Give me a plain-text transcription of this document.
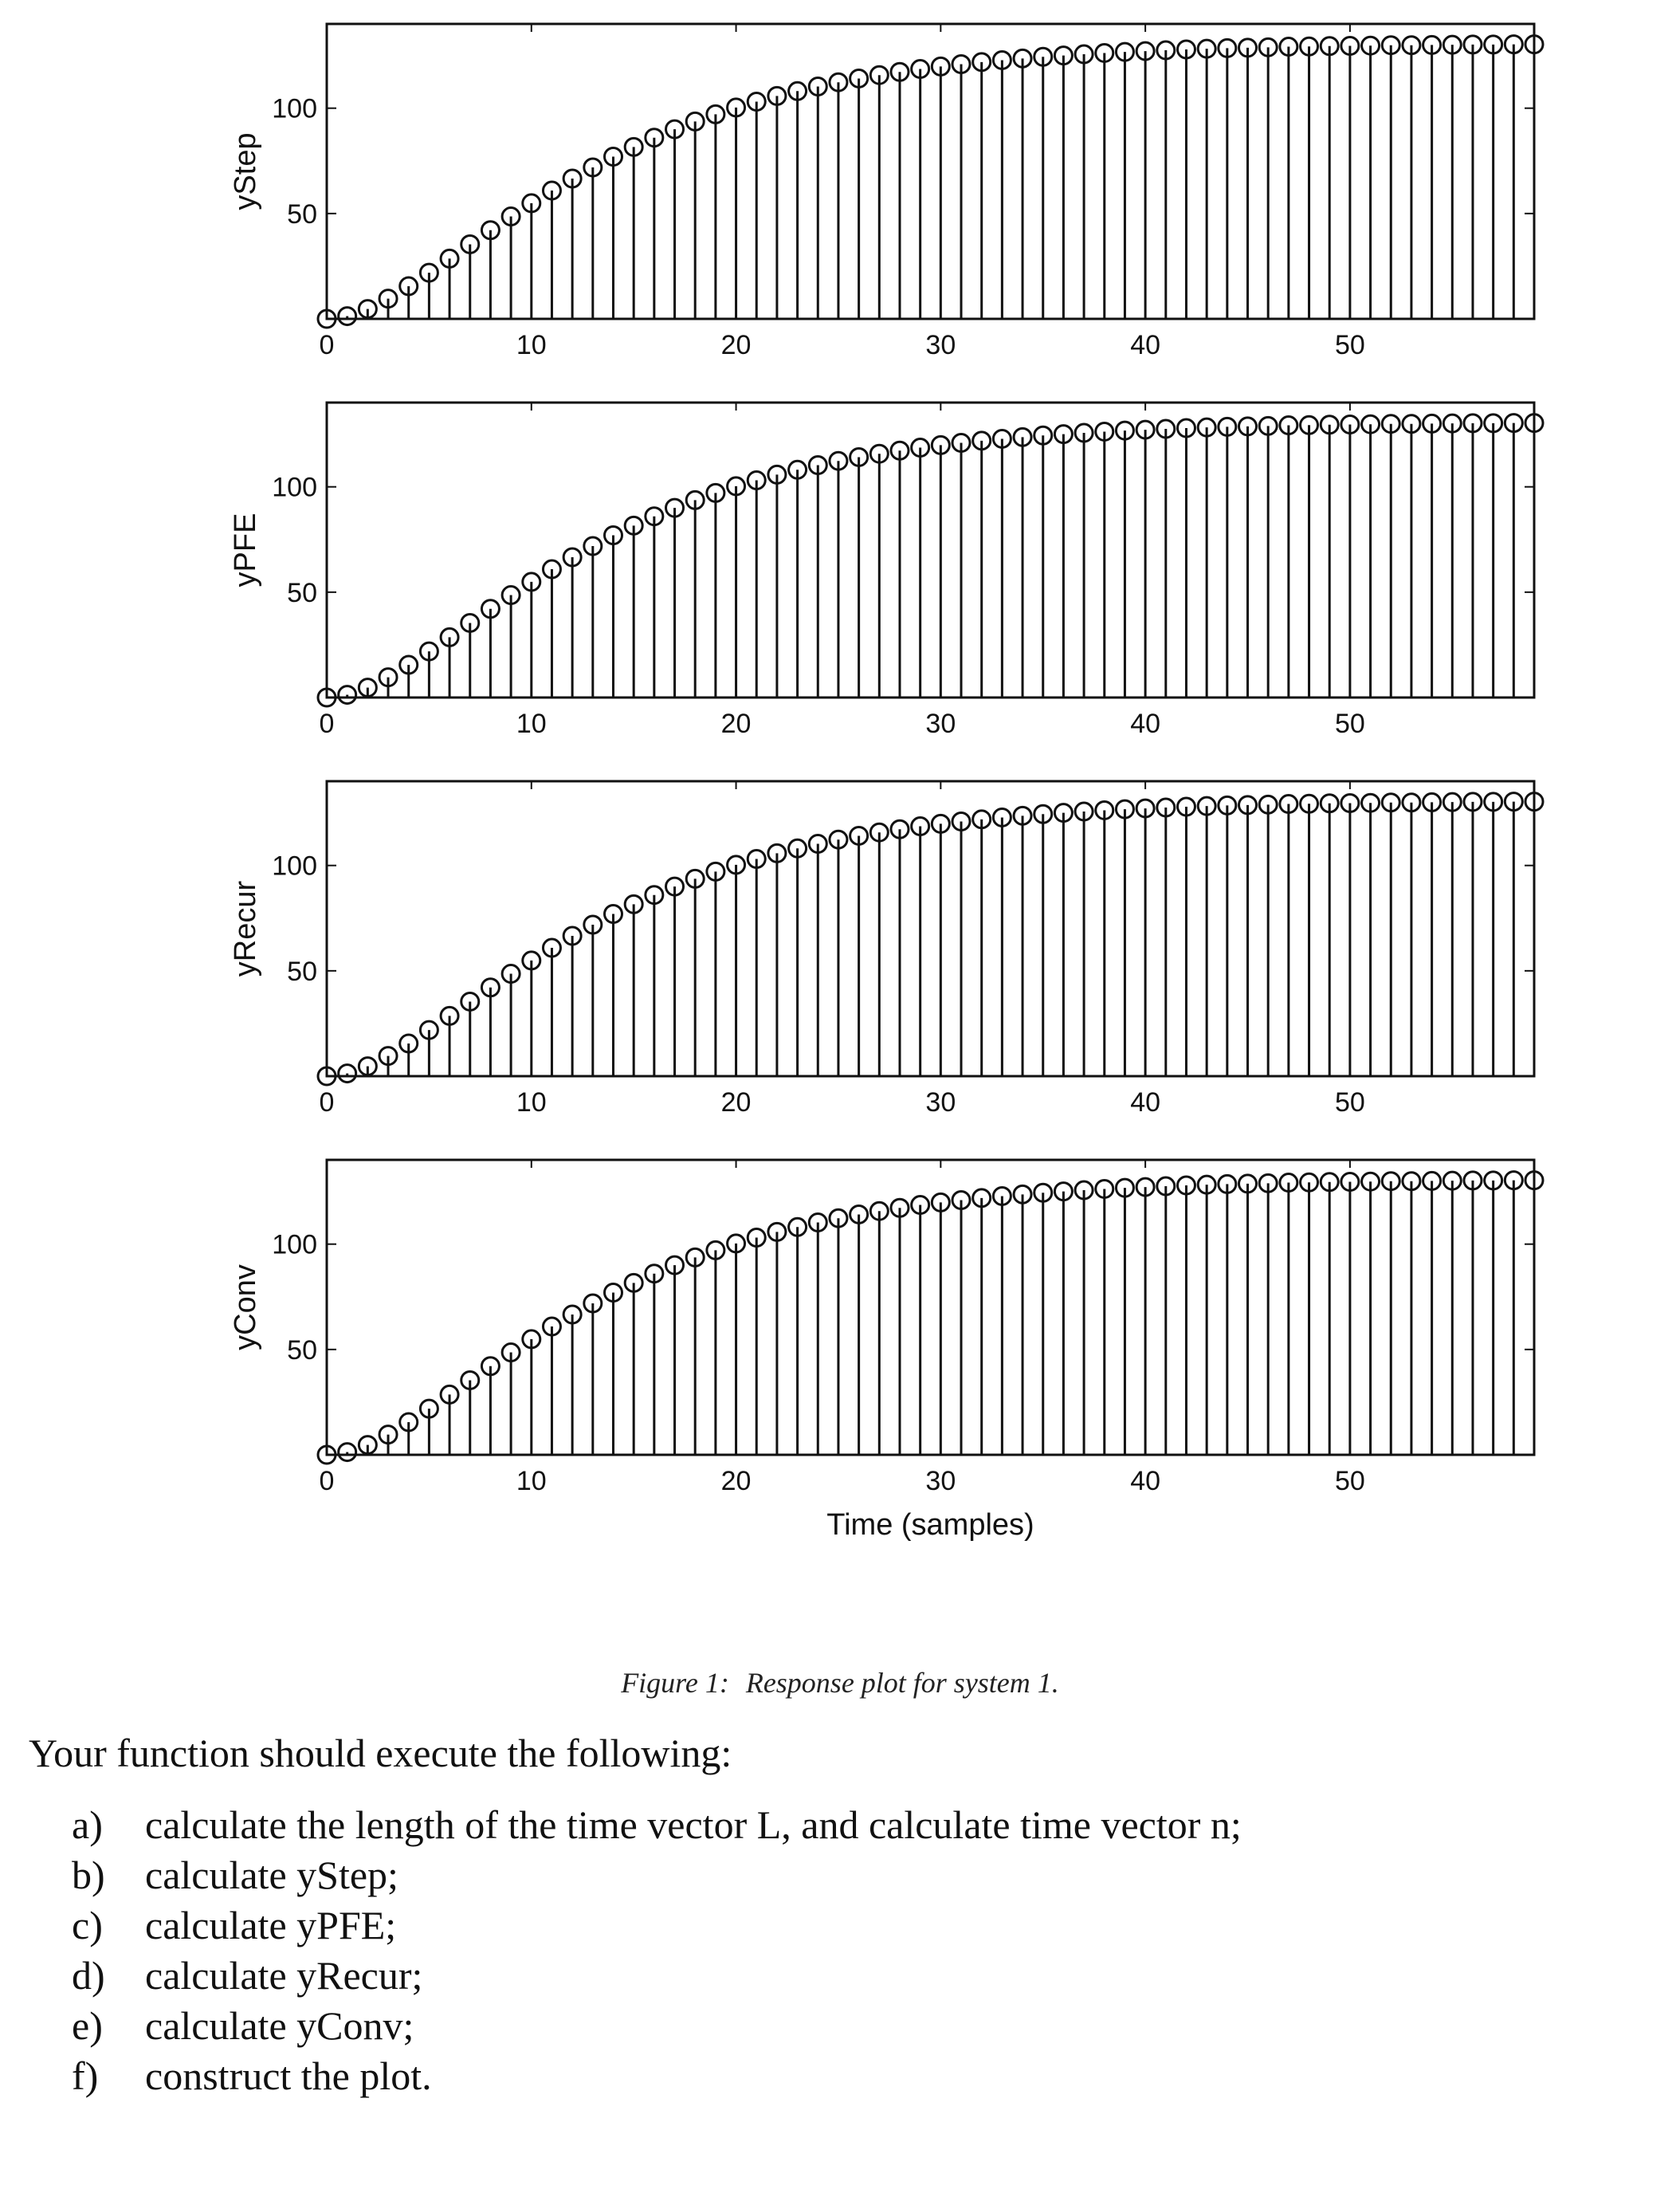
0	10	20	30	40	50
50
100
yStep
0	10	20	30	40	50
50
100
yPFE
0	10	20	30	40	50
50
100
yRecur
0	10	20	30	40	50
50
100
yConv
Time (samples)
Figure 1: Response plot for system 1.
Your function should execute the following:
a) calculate the length of the time vector L, and calculate time vector n;
b) calculate yStep;
c) calculate yPFE;
d) calculate yRecur;
e) calculate yConv;
f) construct the plot.
